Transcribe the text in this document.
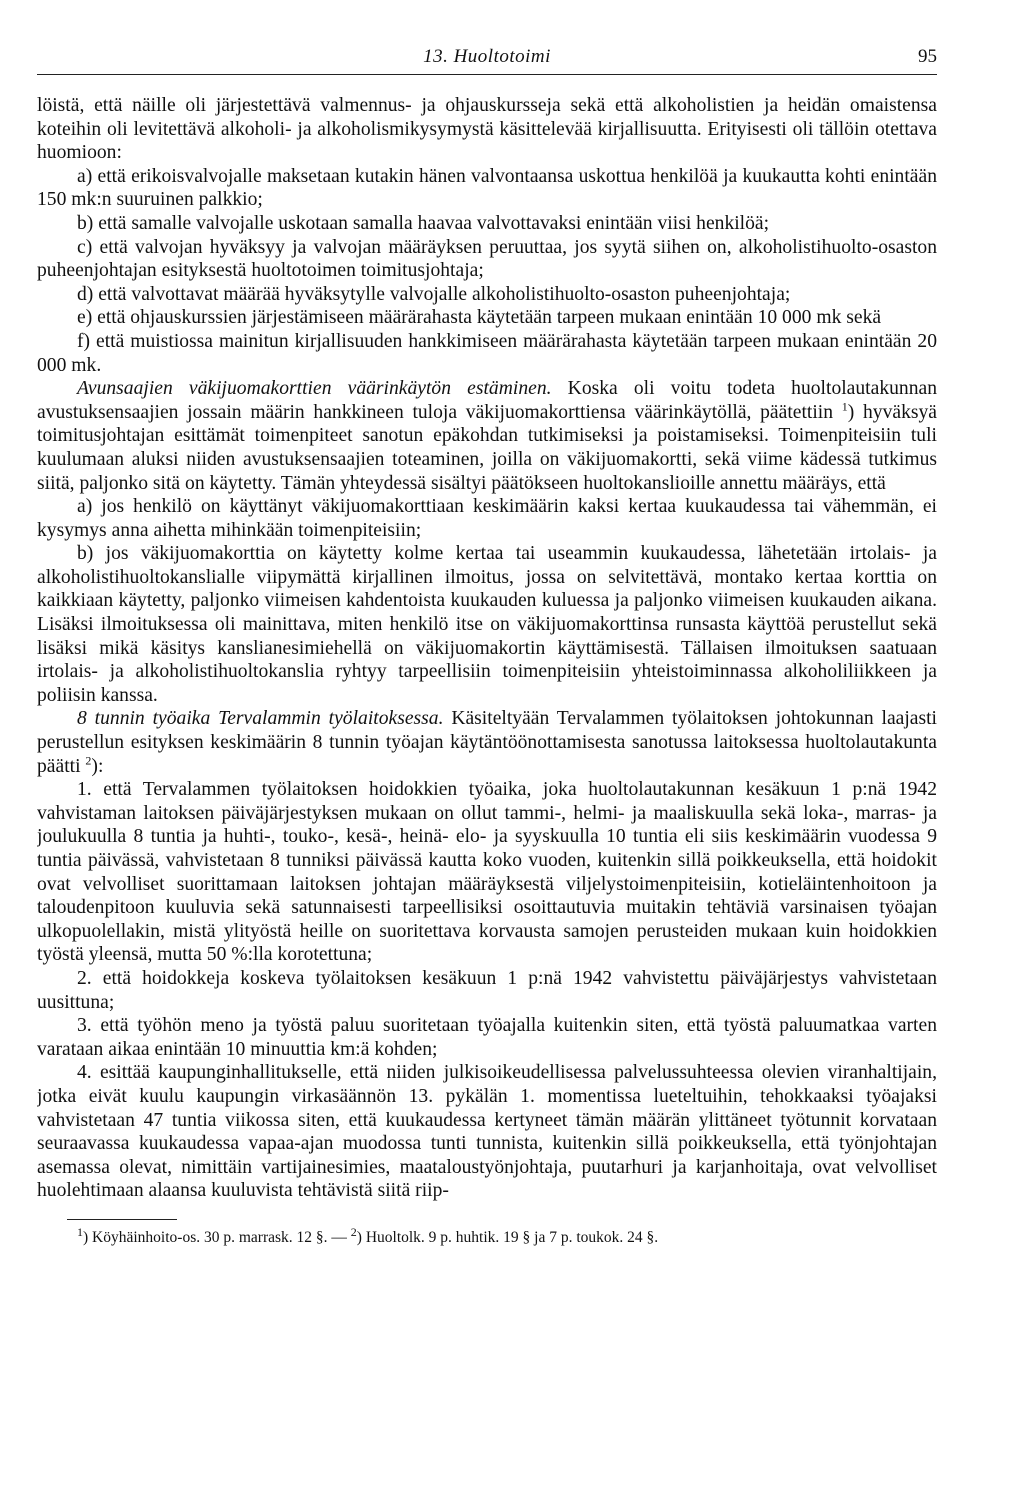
13. Huoltotoimi	95

löistä, että näille oli järjestettävä valmennus- ja ohjauskursseja sekä että alkoholistien ja heidän omaistensa koteihin oli levitettävä alkoholi- ja alkoholismikysymystä käsittelevää kirjallisuutta. Erityisesti oli tällöin otettava huomioon:

a) että erikoisvalvojalle maksetaan kutakin hänen valvontaansa uskottua henkilöä ja kuukautta kohti enintään 150 mk:n suuruinen palkkio;

b) että samalle valvojalle uskotaan samalla haavaa valvottavaksi enintään viisi henkilöä;

c) että valvojan hyväksyy ja valvojan määräyksen peruuttaa, jos syytä siihen on, alkoholistihuolto-osaston puheenjohtajan esityksestä huoltotoimen toimitusjohtaja;

d) että valvottavat määrää hyväksytylle valvojalle alkoholistihuolto-osaston puheenjohtaja;

e) että ohjauskurssien järjestämiseen määrärahasta käytetään tarpeen mukaan enintään 10 000 mk sekä

f) että muistiossa mainitun kirjallisuuden hankkimiseen määrärahasta käytetään tarpeen mukaan enintään 20 000 mk.

Avunsaajien väkijuomakorttien väärinkäytön estäminen. Koska oli voitu todeta huoltolautakunnan avustuksensaajien jossain määrin hankkineen tuloja väkijuomakorttiensa väärinkäytöllä, päätettiin $^1$) hyväksyä toimitusjohtajan esittämät toimenpiteet sanotun epäkohdan tutkimiseksi ja poistamiseksi. Toimenpiteisiin tuli kuulumaan aluksi niiden avustuksensaajien toteaminen, joilla on väkijuomakortti, sekä viime kädessä tutkimus siitä, paljonko sitä on käytetty. Tämän yhteydessä sisältyi päätökseen huoltokanslioille annettu määräys, että

a) jos henkilö on käyttänyt väkijuomakorttiaan keskimäärin kaksi kertaa kuukaudessa tai vähemmän, ei kysymys anna aihetta mihinkään toimenpiteisiin;

b) jos väkijuomakorttia on käytetty kolme kertaa tai useammin kuukaudessa, lähetetään irtolais- ja alkoholistihuoltokanslialle viipymättä kirjallinen ilmoitus, jossa on selvitettävä, montako kertaa korttia on kaikkiaan käytetty, paljonko viimeisen kahdentoista kuukauden kuluessa ja paljonko viimeisen kuukauden aikana. Lisäksi ilmoituksessa oli mainittava, miten henkilö itse on väkijuomakorttinsa runsasta käyttöä perustellut sekä lisäksi mikä käsitys kanslianesimiehellä on väkijuomakortin käyttämisestä. Tällaisen ilmoituksen saatuaan irtolais- ja alkoholistihuoltokanslia ryhtyy tarpeellisiin toimenpiteisiin yhteistoiminnassa alkoholiliikkeen ja poliisin kanssa.

8 tunnin työaika Tervalammin työlaitoksessa. Käsiteltyään Tervalammen työlaitoksen johtokunnan laajasti perustellun esityksen keskimäärin 8 tunnin työajan käytäntöönottamisesta sanotussa laitoksessa huoltolautakunta päätti $^2$):

1. että Tervalammen työlaitoksen hoidokkien työaika, joka huoltolautakunnan kesäkuun 1 p:nä 1942 vahvistaman laitoksen päiväjärjestyksen mukaan on ollut tammi-, helmi- ja maaliskuulla sekä loka-, marras- ja joulukuulla 8 tuntia ja huhti-, touko-, kesä-, heinä- elo- ja syyskuulla 10 tuntia eli siis keskimäärin vuodessa 9 tuntia päivässä, vahvistetaan 8 tunniksi päivässä kautta koko vuoden, kuitenkin sillä poikkeuksella, että hoidokit ovat velvolliset suorittamaan laitoksen johtajan määräyksestä viljelystoimenpiteisiin, kotieläintenhoitoon ja taloudenpitoon kuuluvia sekä satunnaisesti tarpeellisiksi osoittautuvia muitakin tehtäviä varsinaisen työajan ulkopuolellakin, mistä ylityöstä heille on suoritettava korvausta samojen perusteiden mukaan kuin hoidokkien työstä yleensä, mutta 50 %:lla korotettuna;

2. että hoidokkeja koskeva työlaitoksen kesäkuun 1 p:nä 1942 vahvistettu päiväjärjestys vahvistetaan uusittuna;

3. että työhön meno ja työstä paluu suoritetaan työajalla kuitenkin siten, että työstä paluumatkaa varten varataan aikaa enintään 10 minuuttia km:ä kohden;

4. esittää kaupunginhallitukselle, että niiden julkisoikeudellisessa palvelussuhteessa olevien viranhaltijain, jotka eivät kuulu kaupungin virkasäännön 13. pykälän 1. momentissa lueteltuihin, tehokkaaksi työajaksi vahvistetaan 47 tuntia viikossa siten, että kuukaudessa kertyneet tämän määrän ylittäneet työtunnit korvataan seuraavassa kuukaudessa vapaa-ajan muodossa tunti tunnista, kuitenkin sillä poikkeuksella, että työnjohtajan asemassa olevat, nimittäin vartijainesimies, maataloustyönjohtaja, puutarhuri ja karjanhoitaja, ovat velvolliset huolehtimaan alaansa kuuluvista tehtävistä siitä riip-

$^1$) Köyhäinhoito-os. 30 p. marrask. 12 §. — $^2$) Huoltolk. 9 p. huhtik. 19 § ja 7 p. toukok. 24 §.
